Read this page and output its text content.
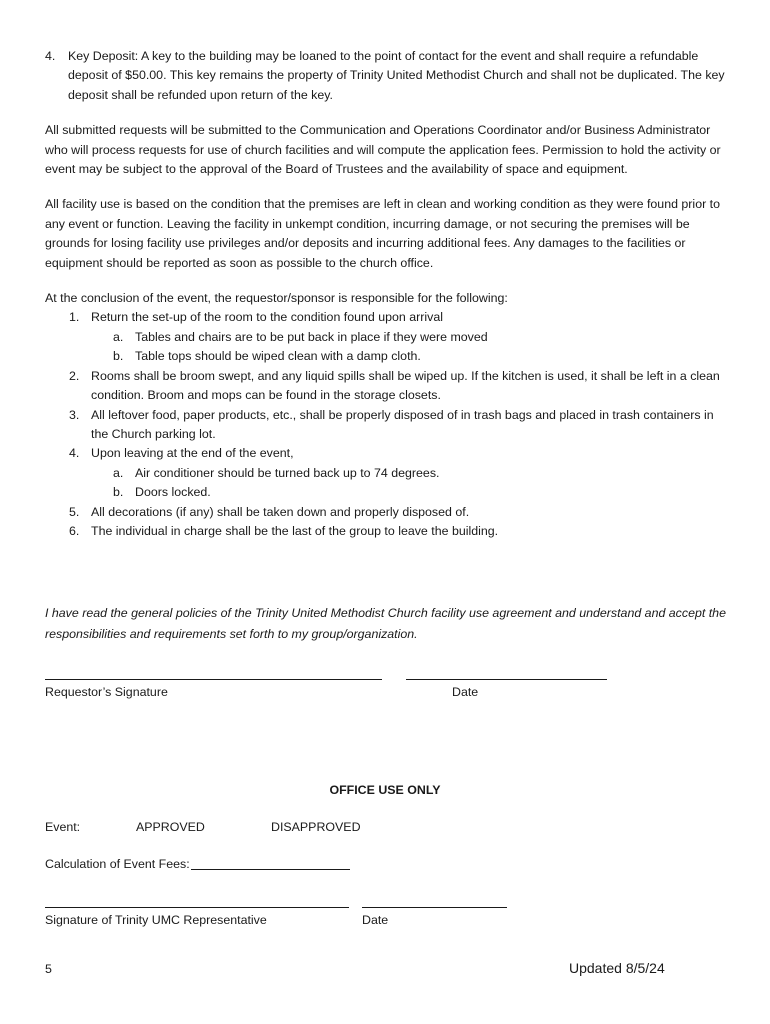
4.	Key Deposit: A key to the building may be loaned to the point of contact for the event and shall require a refundable deposit of $50.00. This key remains the property of Trinity United Methodist Church and shall not be duplicated. The key deposit shall be refunded upon return of the key.
All submitted requests will be submitted to the Communication and Operations Coordinator and/or Business Administrator who will process requests for use of church facilities and will compute the application fees. Permission to hold the activity or event may be subject to the approval of the Board of Trustees and the availability of space and equipment.
All facility use is based on the condition that the premises are left in clean and working condition as they were found prior to any event or function. Leaving the facility in unkempt condition, incurring damage, or not securing the premises will be grounds for losing facility use privileges and/or deposits and incurring additional fees. Any damages to the facilities or equipment should be reported as soon as possible to the church office.
At the conclusion of the event, the requestor/sponsor is responsible for the following:
1. Return the set-up of the room to the condition found upon arrival
a. Tables and chairs are to be put back in place if they were moved
b. Table tops should be wiped clean with a damp cloth.
2. Rooms shall be broom swept, and any liquid spills shall be wiped up. If the kitchen is used, it shall be left in a clean condition. Broom and mops can be found in the storage closets.
3. All leftover food, paper products, etc., shall be properly disposed of in trash bags and placed in trash containers in the Church parking lot.
4. Upon leaving at the end of the event,
a. Air conditioner should be turned back up to 74 degrees.
b. Doors locked.
5. All decorations (if any) shall be taken down and properly disposed of.
6. The individual in charge shall be the last of the group to leave the building.
I have read the general policies of the Trinity United Methodist Church facility use agreement and understand and accept the responsibilities and requirements set forth to my group/organization.
Requestor’s Signature	Date
OFFICE USE ONLY
Event:	APPROVED	DISAPPROVED
Calculation of Event Fees:
Signature of Trinity UMC Representative	Date
5	Updated 8/5/24
